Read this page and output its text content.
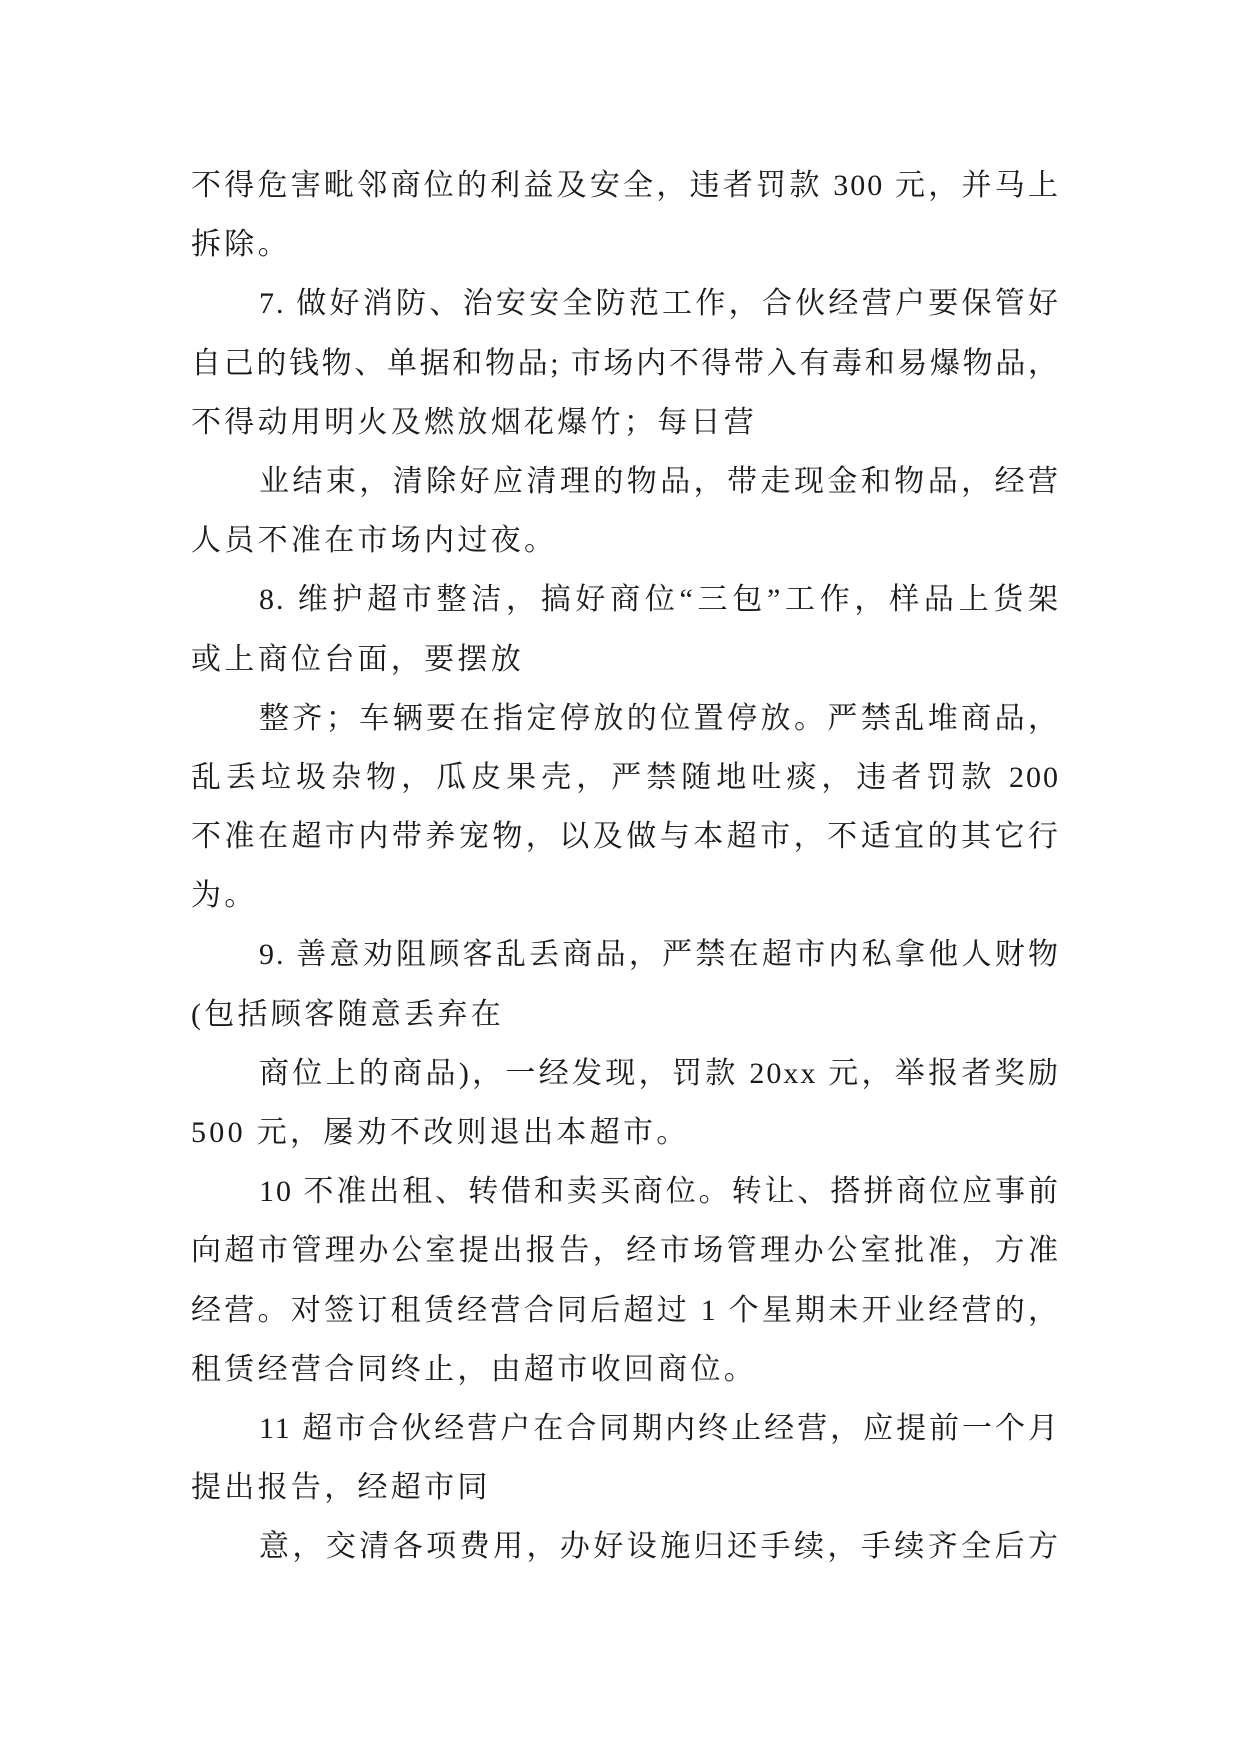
不得危害毗邻商位的利益及安全，违者罚款 300 元，并马上
拆除。
7. 做好消防、治安安全防范工作，合伙经营户要保管好
自己的钱物、单据和物品; 市场内不得带入有毒和易爆物品，
不得动用明火及燃放烟花爆竹；每日营
业结束，清除好应清理的物品，带走现金和物品，经营
人员不准在市场内过夜。
8. 维护超市整洁，搞好商位“三包”工作，样品上货架
或上商位台面，要摆放
整齐；车辆要在指定停放的位置停放。严禁乱堆商品，
乱丢垃圾杂物，瓜皮果壳，严禁随地吐痰，违者罚款 200
不准在超市内带养宠物，以及做与本超市，不适宜的其它行
为。
9. 善意劝阻顾客乱丢商品，严禁在超市内私拿他人财物
(包括顾客随意丢弃在
商位上的商品)，一经发现，罚款 20xx 元，举报者奖励
500 元，屡劝不改则退出本超市。
10 不准出租、转借和卖买商位。转让、搭拼商位应事前
向超市管理办公室提出报告，经市场管理办公室批准，方准
经营。对签订租赁经营合同后超过 1 个星期未开业经营的，
租赁经营合同终止，由超市收回商位。
11 超市合伙经营户在合同期内终止经营，应提前一个月
提出报告，经超市同
意，交清各项费用，办好设施归还手续，手续齐全后方
